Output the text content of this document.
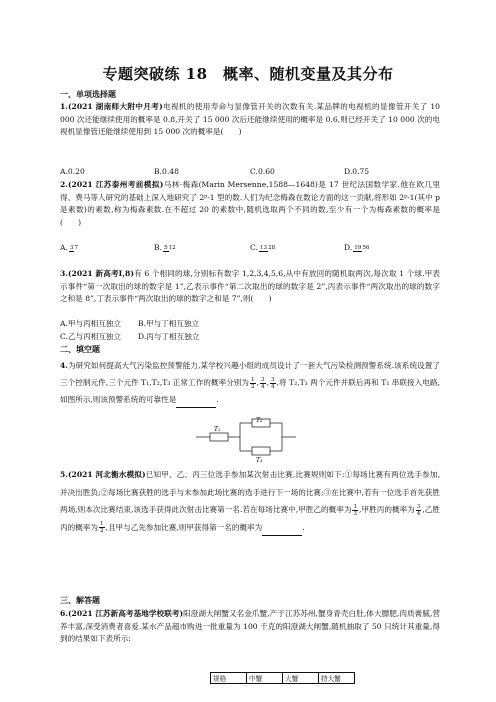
专题突破练 18　概率、随机变量及其分布
一、单项选择题
1.(2021 湖南师大附中月考)电视机的使用寿命与显像管开关的次数有关.某品牌的电视机的显像管开关了 10 000 次还能继续使用的概率是 0.8,开关了 15 000 次后还能继续使用的概率是 0.6,则已经开关了 10 000 次的电视机显像管还能继续使用到 15 000 次的概率是(　　)
A.0.20	B.0.48	C.0.60	D.0.75
2.(2021 江苏泰州考前模拟)马林·梅森(Marin Mersenne,1588—1648)是 17 世纪法国数学家.他在欧几里得、费马等人研究的基础上深入地研究了 2ᵖ-1 型的数.人们为纪念梅森在数论方面的这一贡献,将形如 2ᵖ-1(其中 p 是素数)的素数,称为梅森素数.在不超过 20 的素数中,随机选取两个不同的数,至少有一个为梅森素数的概率是(　　)
A. 37	B. 512	C. 1328	D. 1956
3.(2021 新高考Ⅰ,8)有 6 个相同的球,分别标有数字 1,2,3,4,5,6,从中有放回的随机取两次,每次取 1 个球.甲表示事件“第一次取出的球的数字是 1”,乙表示事件“第二次取出的球的数字是 2”,丙表示事件“两次取出的球的数字之和是 8”,丁表示事件“两次取出的球的数字之和是 7”,则(　　)
A.甲与丙相互独立 B.甲与丁相互独立
C.乙与丙相互独立 D.丙与丁相互独立
二、填空题
4.为研究如何提高大气污染监控预警能力,某学校兴趣小组的成员设计了一套大气污染检测预警系统.该系统设置了三个控制元件,三个元件 T₁,T₂,T₃ 正常工作的概率分别为 $\frac{1}{2}$ , $\frac{3}{4}$ , $\frac{3}{4}$ ,将 T₂,T₃ 两个元件并联后再和 T₁ 串联接入电路,如图所示,则该预警系统的可靠性是	.
T₁
T₂
T₃
5.(2021 河北衡水模拟)已知甲、乙、丙三位选手参加某次射击比赛,比赛规则如下:①每场比赛有两位选手参加,并决出胜负;②每场比赛获胜的选手与未参加此场比赛的选手进行下一场的比赛;③在比赛中,若有一位选手首先获胜两场,则本次比赛结束,该选手获得此次射击比赛第一名.若在每场比赛中,甲胜乙的概率为 $\frac{1}{3}$ ,甲胜丙的概率为 $\frac{3}{4}$ ,乙胜丙的概率为 $\frac{1}{2}$ ,且甲与乙先参加比赛,则甲获得第一名的概率为	.
三、解答题
6.(2021 江苏新高考基地学校联考)阳澄湖大闸蟹又名金爪蟹,产于江苏苏州,蟹身青壳白肚,体大膘肥,肉质膏腻,营养丰富,深受消费者喜爱.某水产品超市购进一批重量为 100 千克的阳澄湖大闸蟹,随机抽取了 50 只统计其重量,得到的结果如下表所示:
规格	中蟹	大蟹	特大蟹
